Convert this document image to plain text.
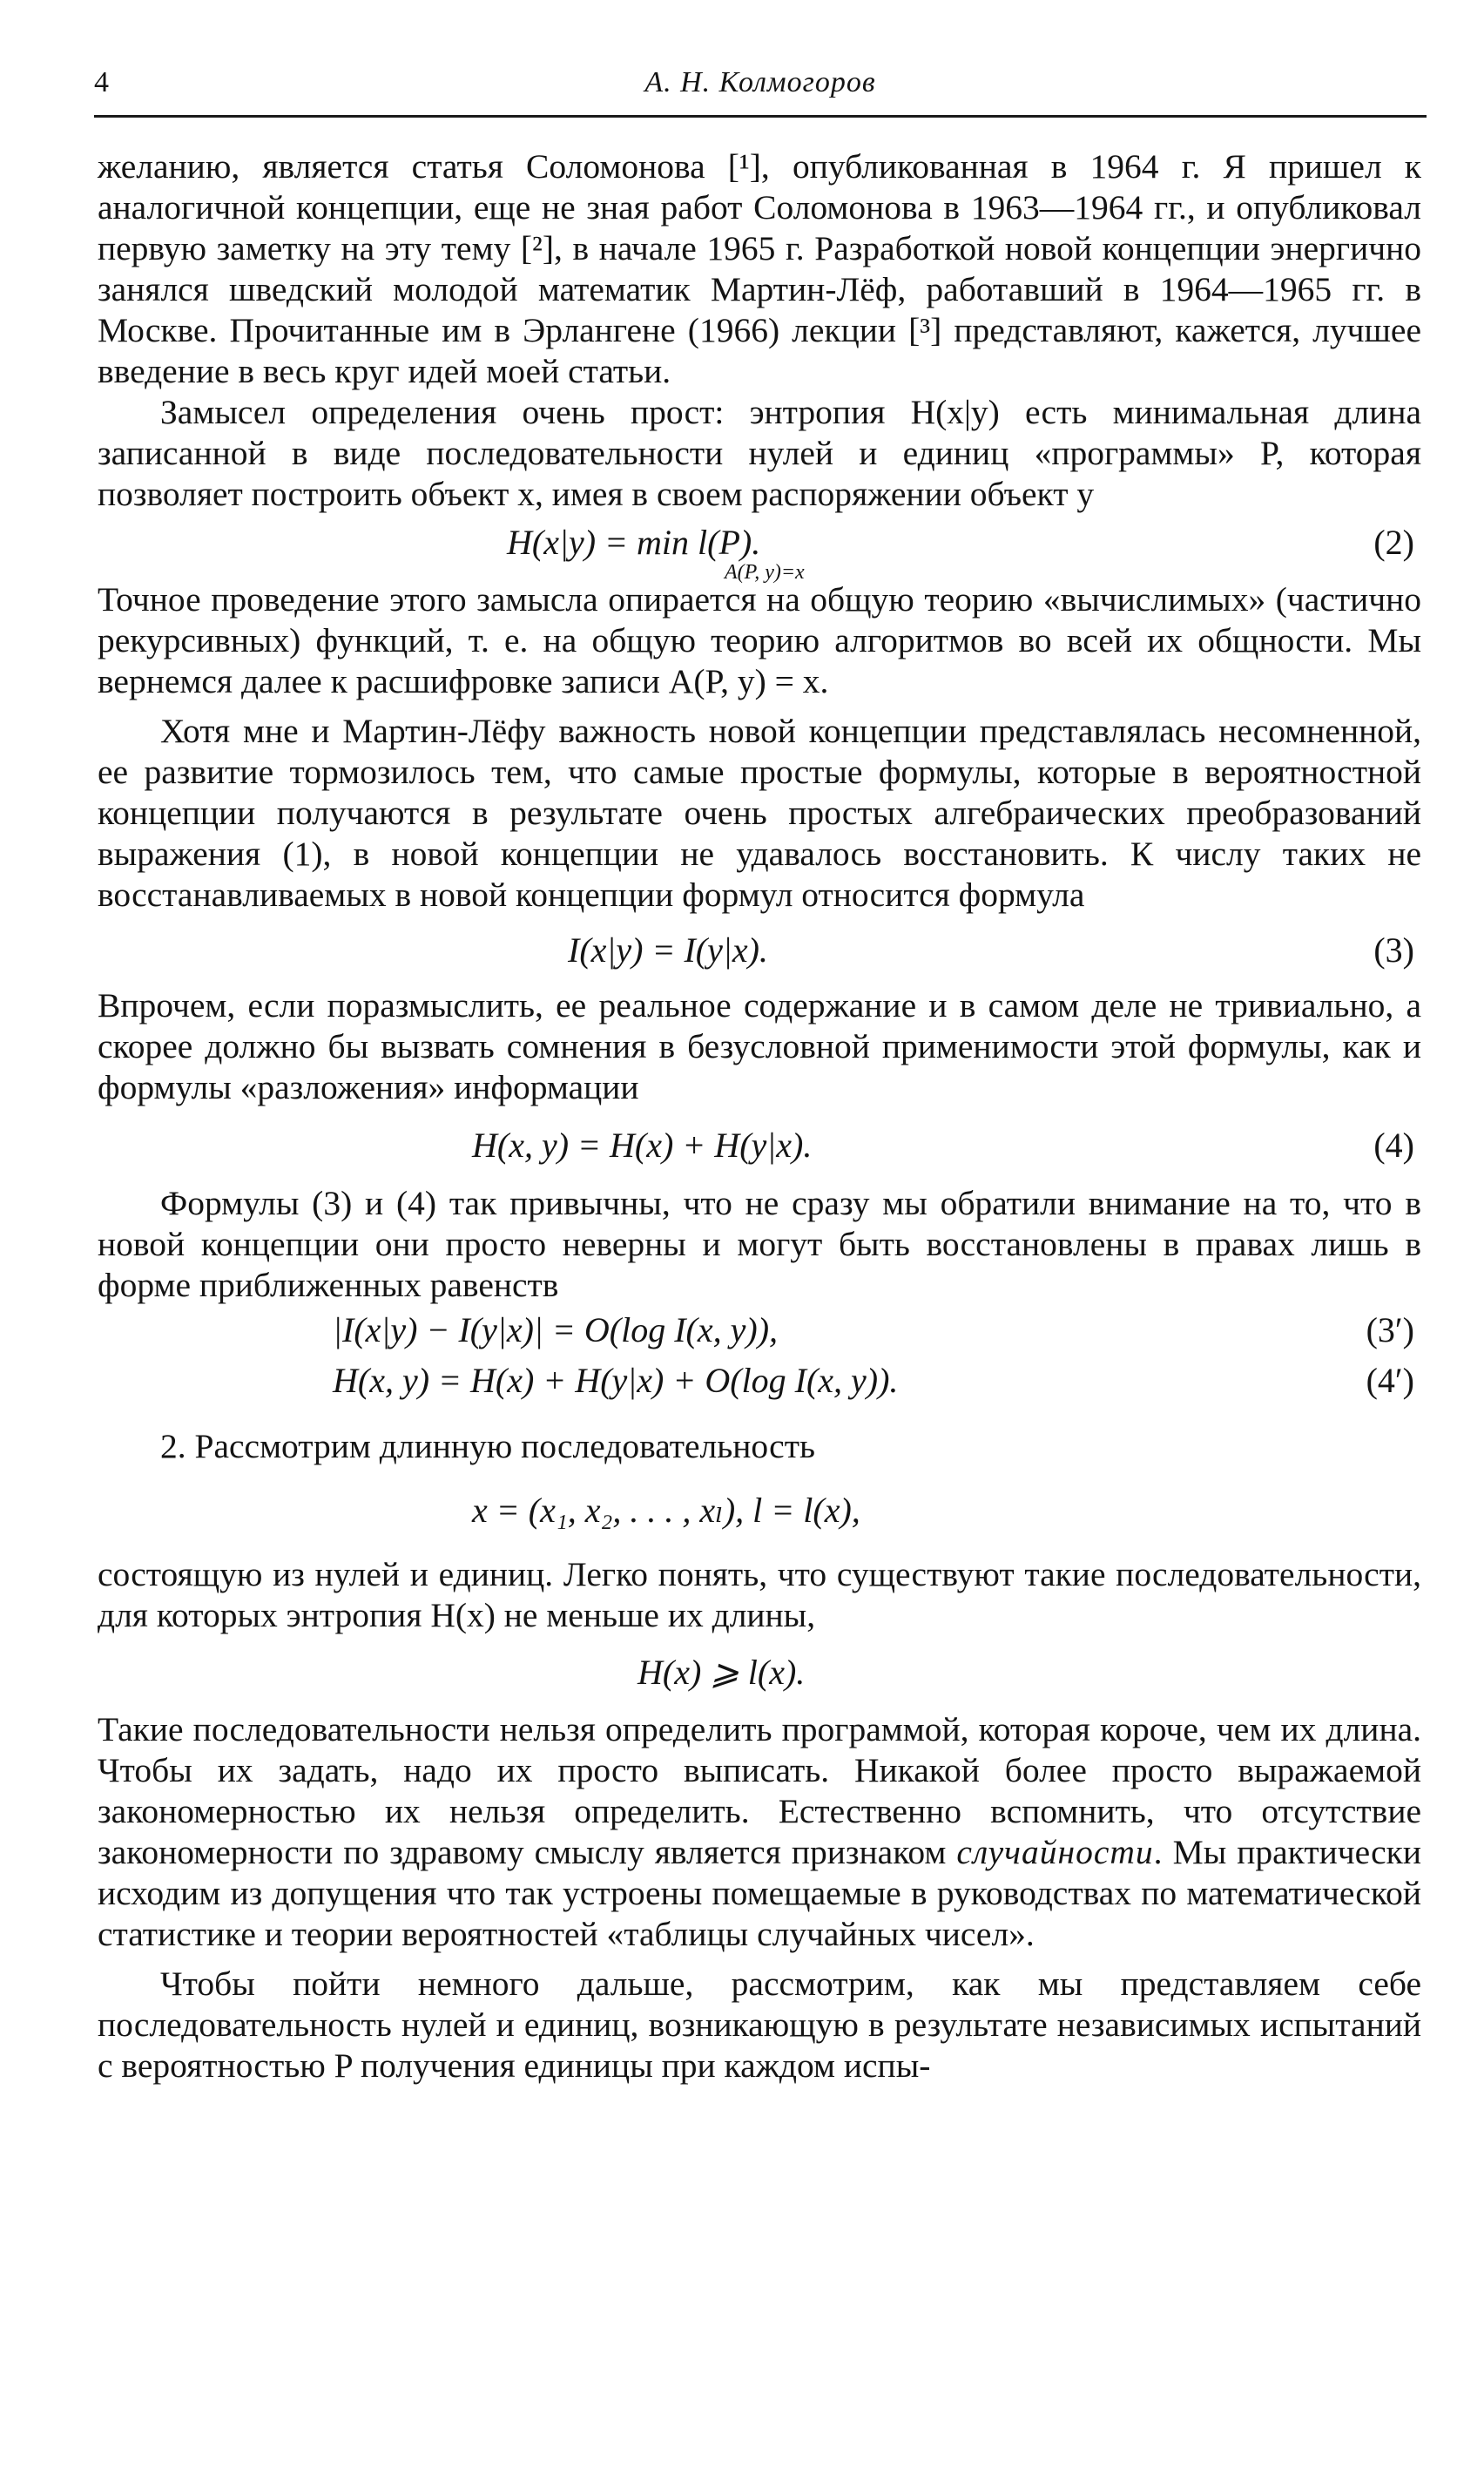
4	А. Н. Колмогоров

желанию, является статья Соломонова [¹], опубликованная в 1964 г. Я пришел к аналогичной концепции, еще не зная работ Соломонова в 1963—1964 гг., и опубликовал первую заметку на эту тему [²], в начале 1965 г. Разработкой новой концепции энергично занялся шведский молодой математик Мартин-Лёф, работавший в 1964—1965 гг. в Москве. Прочитанные им в Эрлангене (1966) лекции [³] представляют, кажется, лучшее введение в весь круг идей моей статьи.

Замысел определения очень прост: энтропия H(x|y) есть минимальная длина записанной в виде последовательности нулей и единиц «программы» P, которая позволяет построить объект x, имея в своем распоряжении объект y

H(x|y) = min l(P).
A(P, y)=x
(2)

Точное проведение этого замысла опирается на общую теорию «вычислимых» (частично рекурсивных) функций, т. е. на общую теорию алгоритмов во всей их общности. Мы вернемся далее к расшифровке записи A(P, y) = x.

Хотя мне и Мартин-Лёфу важность новой концепции представлялась несомненной, ее развитие тормозилось тем, что самые простые формулы, которые в вероятностной концепции получаются в результате очень простых алгебраических преобразований выражения (1), в новой концепции не удавалось восстановить. К числу таких не восстанавливаемых в новой концепции формул относится формула

I(x|y) = I(y|x).	(3)

Впрочем, если поразмыслить, ее реальное содержание и в самом деле не тривиально, а скорее должно бы вызвать сомнения в безусловной применимости этой формулы, как и формулы «разложения» информации

H(x, y) = H(x) + H(y|x).	(4)

Формулы (3) и (4) так привычны, что не сразу мы обратили внимание на то, что в новой концепции они просто неверны и могут быть восстановлены в правах лишь в форме приближенных равенств

|I(x|y) − I(y|x)| = O(log I(x, y)),	(3′)
H(x, y) = H(x) + H(y|x) + O(log I(x, y)).	(4′)

2. Рассмотрим длинную последовательность

x = (x₁, x₂, . . . , xₗ), l = l(x),

состоящую из нулей и единиц. Легко понять, что существуют такие последовательности, для которых энтропия H(x) не меньше их длины,

H(x) ⩾ l(x).

Такие последовательности нельзя определить программой, которая короче, чем их длина. Чтобы их задать, надо их просто выписать. Никакой более просто выражаемой закономерностью их нельзя определить. Естественно вспомнить, что отсутствие закономерности по здравому смыслу является признаком случайности. Мы практически исходим из допущения что так устроены помещаемые в руководствах по математической статистике и теории вероятностей «таблицы случайных чисел».

Чтобы пойти немного дальше, рассмотрим, как мы представляем себе последовательность нулей и единиц, возникающую в результате независимых испытаний с вероятностью P получения единицы при каждом испы-
